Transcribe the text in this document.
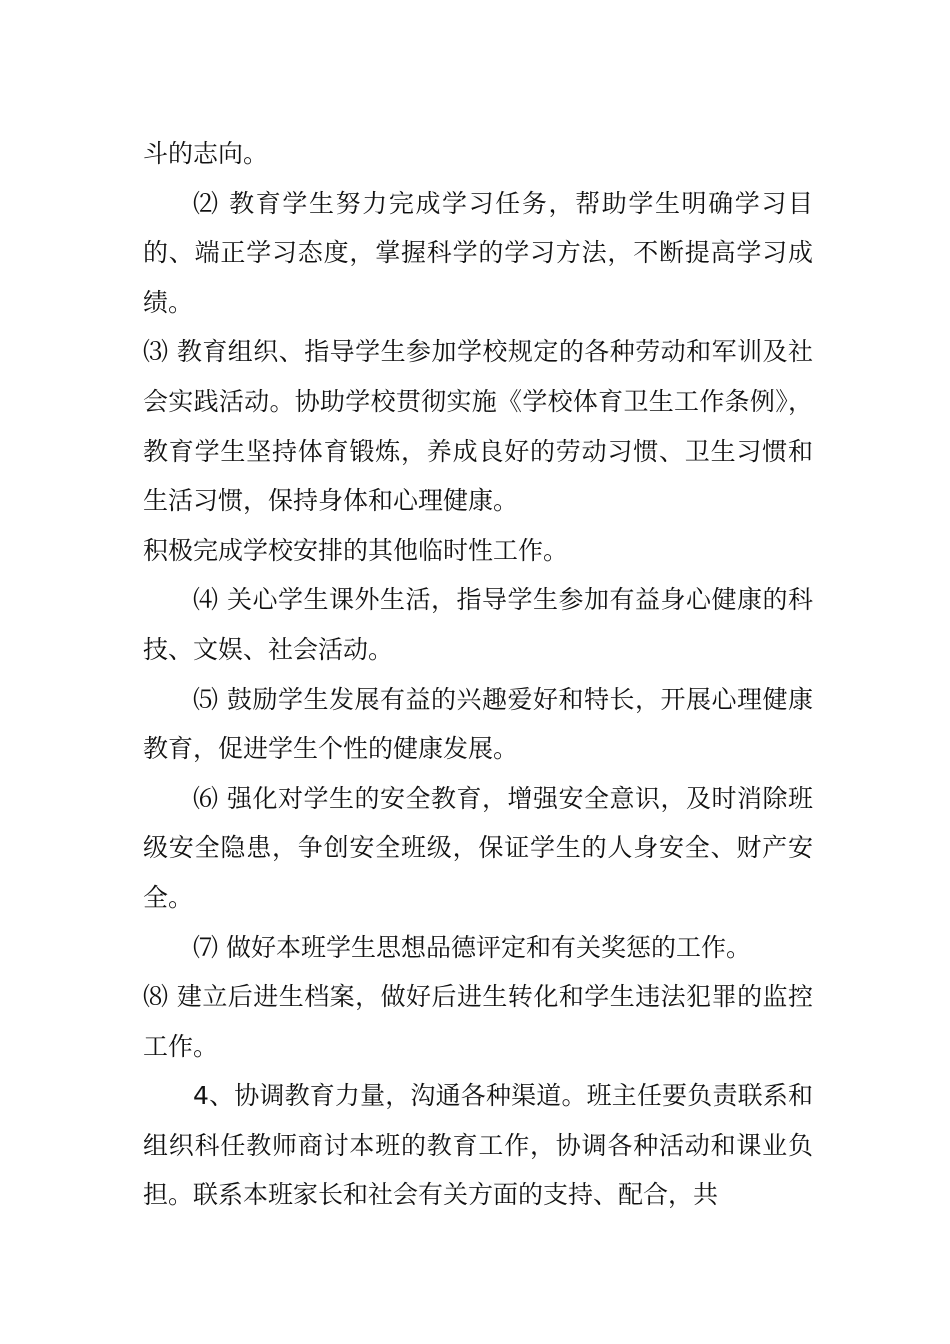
斗的志向。

⑵ 教育学生努力完成学习任务，帮助学生明确学习目的、端正学习态度，掌握科学的学习方法，不断提高学习成绩。

⑶ 教育组织、指导学生参加学校规定的各种劳动和军训及社会实践活动。协助学校贯彻实施《学校体育卫生工作条例》，教育学生坚持体育锻炼，养成良好的劳动习惯、卫生习惯和生活习惯，保持身体和心理健康。

积极完成学校安排的其他临时性工作。

⑷ 关心学生课外生活，指导学生参加有益身心健康的科技、文娱、社会活动。

⑸ 鼓励学生发展有益的兴趣爱好和特长，开展心理健康教育，促进学生个性的健康发展。

⑹ 强化对学生的安全教育，增强安全意识，及时消除班级安全隐患，争创安全班级，保证学生的人身安全、财产安全。

⑺ 做好本班学生思想品德评定和有关奖惩的工作。

⑻ 建立后进生档案，做好后进生转化和学生违法犯罪的监控工作。

4、协调教育力量，沟通各种渠道。班主任要负责联系和组织科任教师商讨本班的教育工作，协调各种活动和课业负担。联系本班家长和社会有关方面的支持、配合，共
